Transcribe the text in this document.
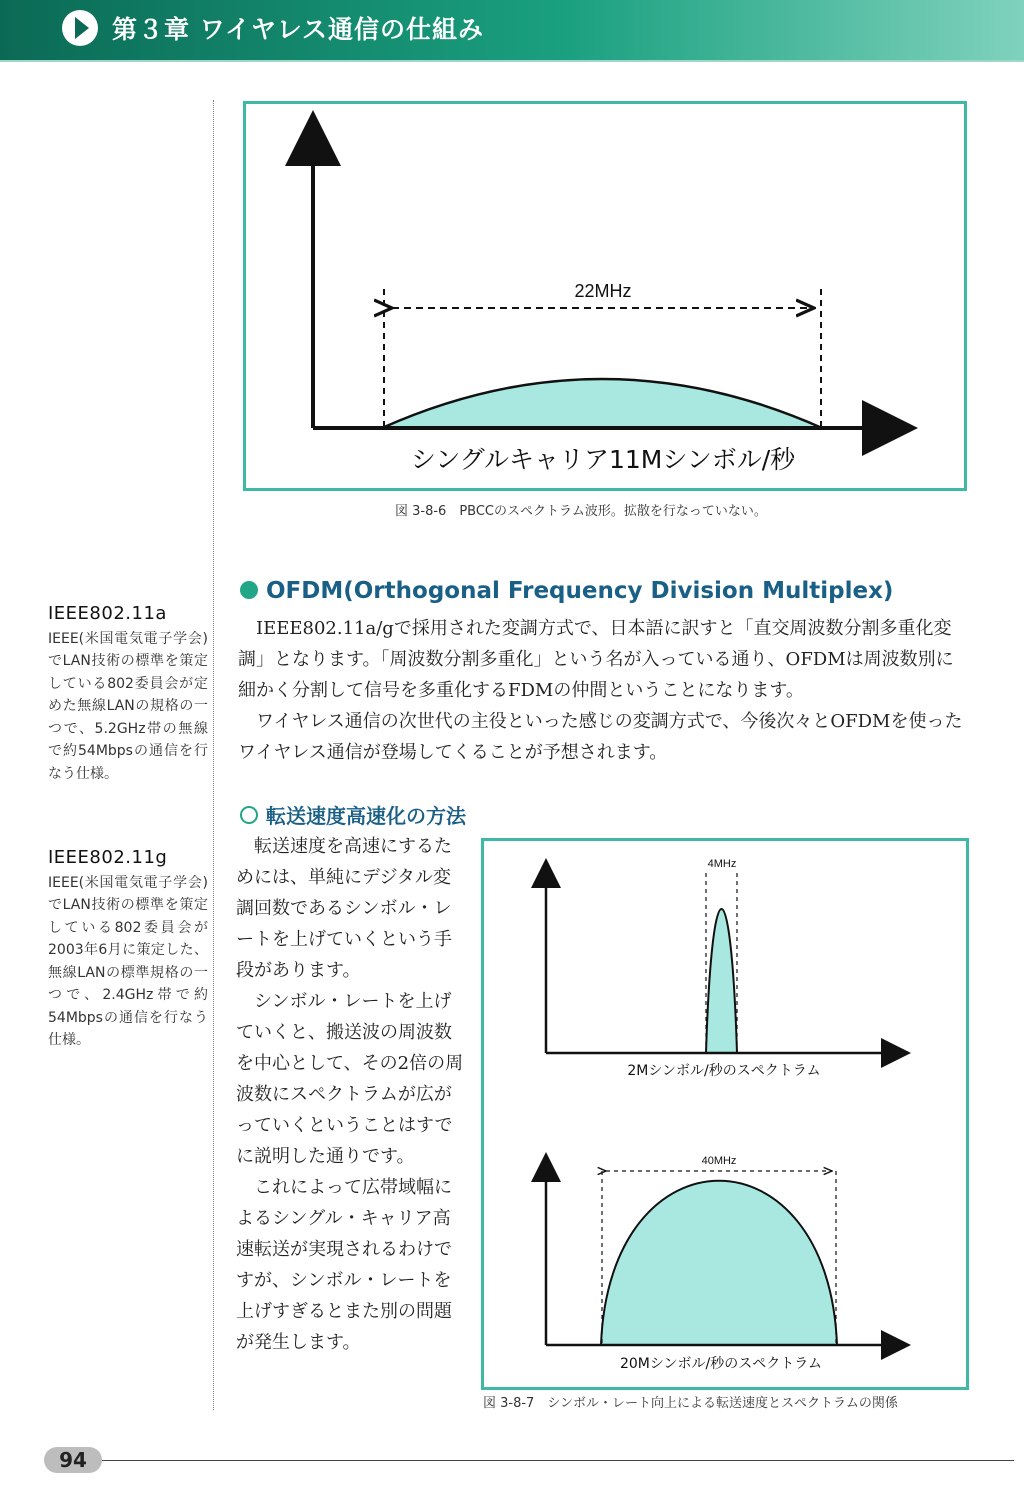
第３章 ワイヤレス通信の仕組み
IEEE802.11a

IEEE(米国電気電子学会)でLAN技術の標準を策定している802委員会が定めた無線LANの規格の一つで、5.2GHz帯の無線で約54Mbpsの通信を行なう仕様。

IEEE802.11g

IEEE(米国電気電子学会)でLAN技術の標準を策定している802委員会が2003年6月に策定した、無線LANの標準規格の一つで、2.4GHz帯で約54Mbpsの通信を行なう仕様。

22MHz
シングルキャリア11Mシンボル/秒
図 3-8-6　PBCCのスペクトラム波形。拡散を行なっていない。
OFDM(Orthogonal Frequency Division Multiplex)

IEEE802.11a/gで採用された変調方式で、日本語に訳すと「直交周波数分割多重化変調」となります。「周波数分割多重化」という名が入っている通り、OFDMは周波数別に細かく分割して信号を多重化するFDMの仲間ということになります。

ワイヤレス通信の次世代の主役といった感じの変調方式で、今後次々とOFDMを使ったワイヤレス通信が登場してくることが予想されます。

転送速度高速化の方法

転送速度を高速にするためには、単純にデジタル変調回数であるシンボル・レートを上げていくという手段があります。

シンボル・レートを上げていくと、搬送波の周波数を中心として、その2倍の周波数にスペクトラムが広がっていくということはすでに説明した通りです。

これによって広帯域幅によるシングル・キャリア高速転送が実現されるわけですが、シンボル・レートを上げすぎるとまた別の問題が発生します。

4MHz
2Mシンボル/秒のスペクトラム
40MHz
20Mシンボル/秒のスペクトラム
図 3-8-7　シンボル・レート向上による転送速度とスペクトラムの関係
94
